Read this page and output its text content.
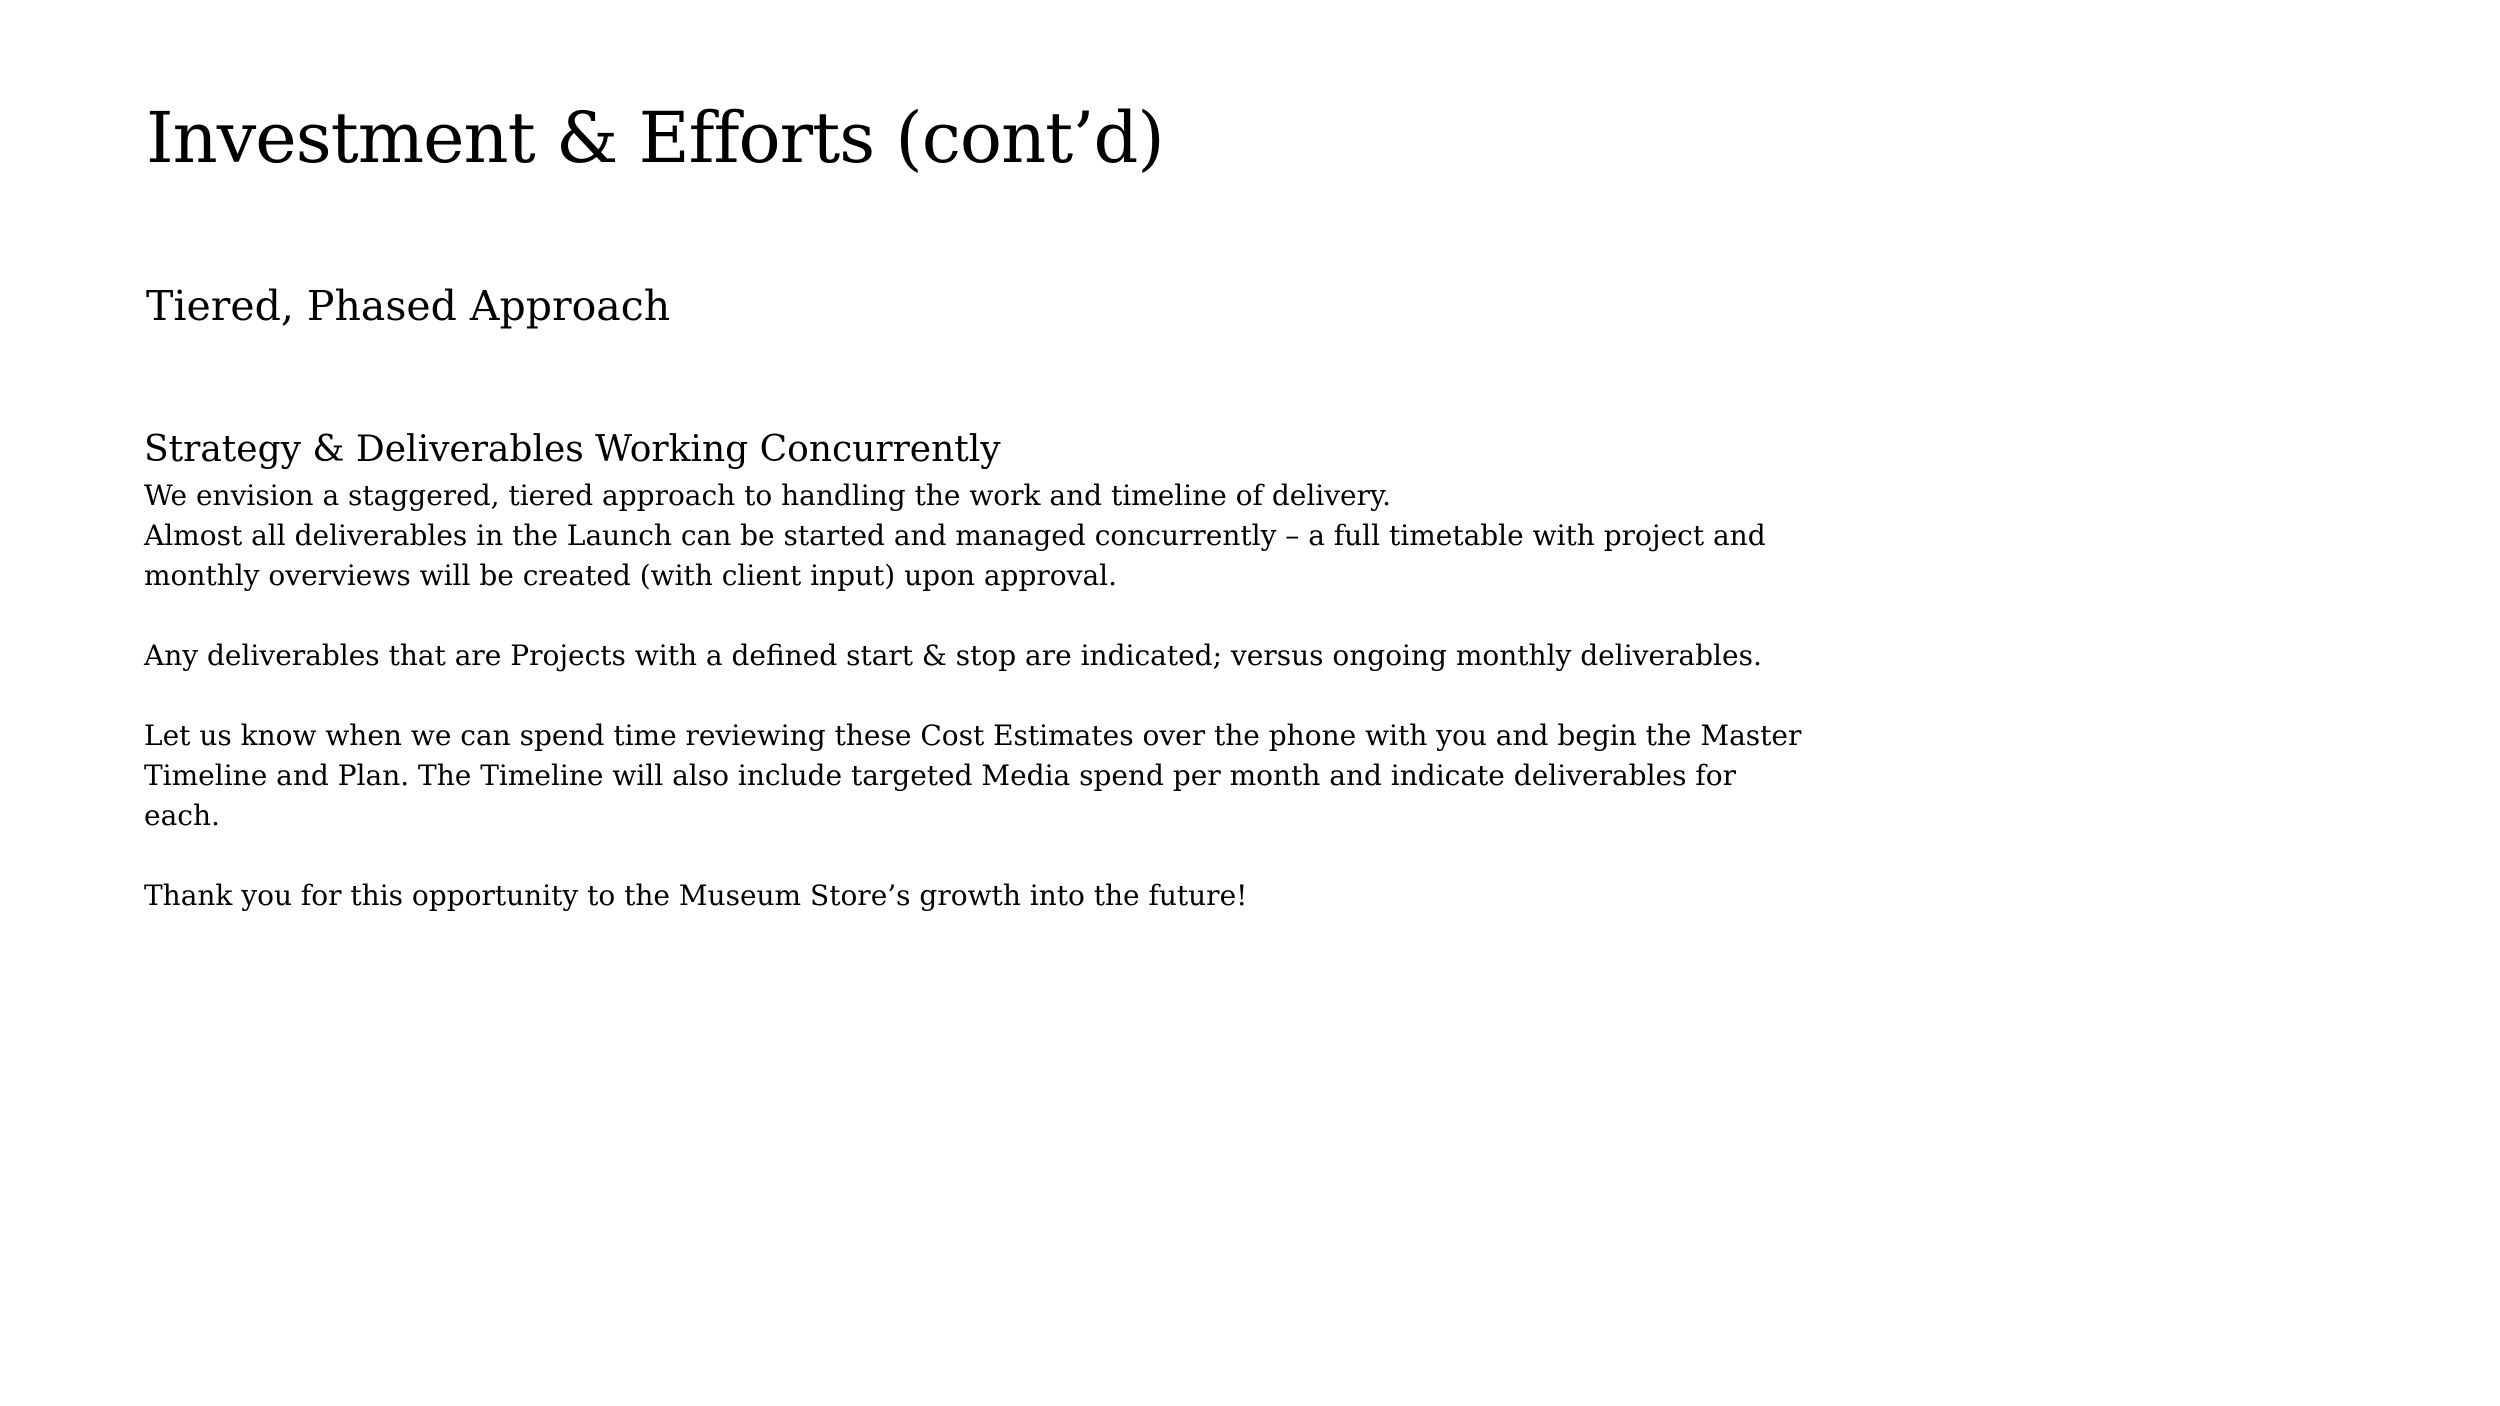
Investment & Efforts (cont’d)
Tiered, Phased Approach
Strategy & Deliverables Working Concurrently

We envision a staggered, tiered approach to handling the work and timeline of delivery.

Almost all deliverables in the Launch can be started and managed concurrently – a full timetable with project and monthly overviews will be created (with client input) upon approval.

Any deliverables that are Projects with a defined start & stop are indicated; versus ongoing monthly deliverables.

Let us know when we can spend time reviewing these Cost Estimates over the phone with you and begin the Master Timeline and Plan. The Timeline will also include targeted Media spend per month and indicate deliverables for each.

Thank you for this opportunity to the Museum Store’s growth into the future!
